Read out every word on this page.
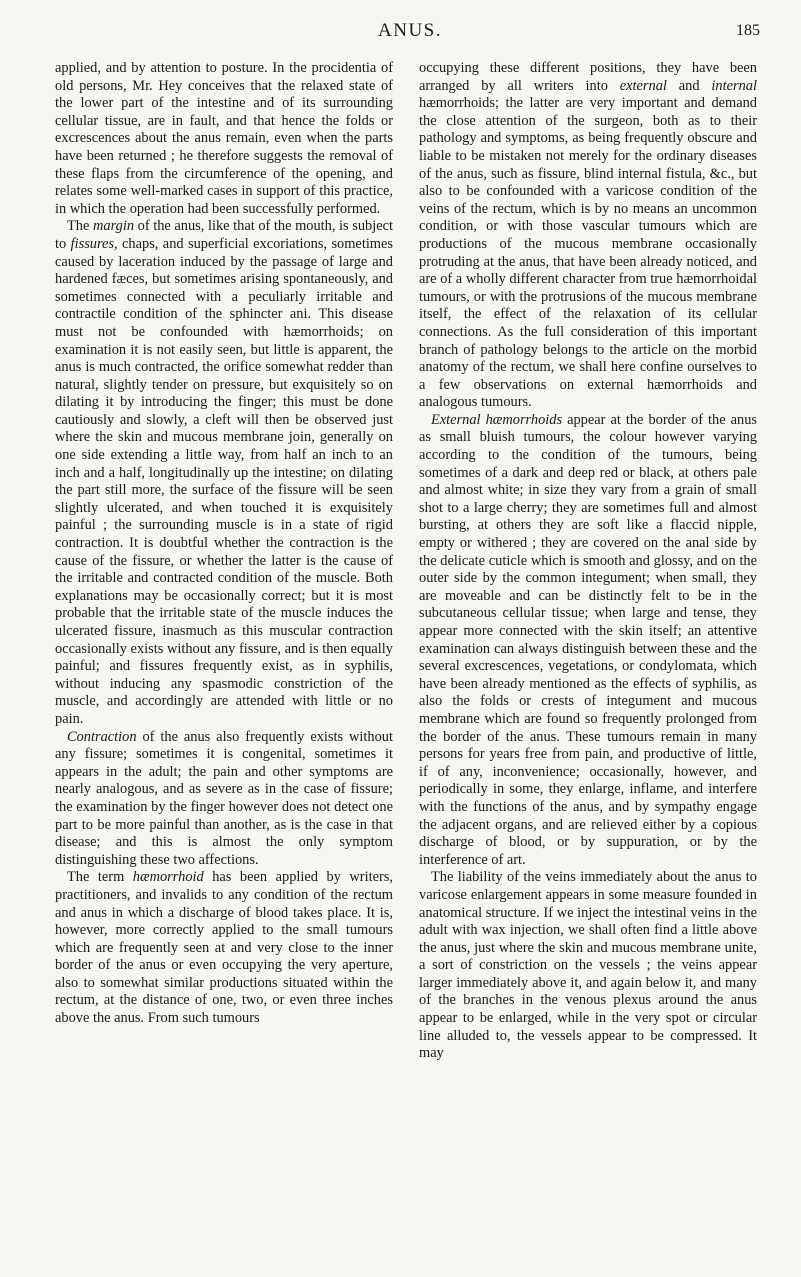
ANUS.	185

applied, and by attention to posture. In the procidentia of old persons, Mr. Hey conceives that the relaxed state of the lower part of the intestine and of its surrounding cellular tissue, are in fault, and that hence the folds or excrescences about the anus remain, even when the parts have been returned ; he therefore suggests the removal of these flaps from the circumference of the opening, and relates some well-marked cases in support of this practice, in which the operation had been successfully performed.

The margin of the anus, like that of the mouth, is subject to fissures, chaps, and superficial excoriations, sometimes caused by laceration induced by the passage of large and hardened fæces, but sometimes arising spontaneously, and sometimes connected with a peculiarly irritable and contractile condition of the sphincter ani. This disease must not be confounded with hæmorrhoids; on examination it is not easily seen, but little is apparent, the anus is much contracted, the orifice somewhat redder than natural, slightly tender on pressure, but exquisitely so on dilating it by introducing the finger; this must be done cautiously and slowly, a cleft will then be observed just where the skin and mucous membrane join, generally on one side extending a little way, from half an inch to an inch and a half, longitudinally up the intestine; on dilating the part still more, the surface of the fissure will be seen slightly ulcerated, and when touched it is exquisitely painful ; the surrounding muscle is in a state of rigid contraction. It is doubtful whether the contraction is the cause of the fissure, or whether the latter is the cause of the irritable and contracted condition of the muscle. Both explanations may be occasionally correct; but it is most probable that the irritable state of the muscle induces the ulcerated fissure, inasmuch as this muscular contraction occasionally exists without any fissure, and is then equally painful; and fissures frequently exist, as in syphilis, without inducing any spasmodic constriction of the muscle, and accordingly are attended with little or no pain.

Contraction of the anus also frequently exists without any fissure; sometimes it is congenital, sometimes it appears in the adult; the pain and other symptoms are nearly analogous, and as severe as in the case of fissure; the examination by the finger however does not detect one part to be more painful than another, as is the case in that disease; and this is almost the only symptom distinguishing these two affections.

The term hæmorrhoid has been applied by writers, practitioners, and invalids to any condition of the rectum and anus in which a discharge of blood takes place. It is, however, more correctly applied to the small tumours which are frequently seen at and very close to the inner border of the anus or even occupying the very aperture, also to somewhat similar productions situated within the rectum, at the distance of one, two, or even three inches above the anus. From such tumours

occupying these different positions, they have been arranged by all writers into external and internal hæmorrhoids; the latter are very important and demand the close attention of the surgeon, both as to their pathology and symptoms, as being frequently obscure and liable to be mistaken not merely for the ordinary diseases of the anus, such as fissure, blind internal fistula, &c., but also to be confounded with a varicose condition of the veins of the rectum, which is by no means an uncommon condition, or with those vascular tumours which are productions of the mucous membrane occasionally protruding at the anus, that have been already noticed, and are of a wholly different character from true hæmorrhoidal tumours, or with the protrusions of the mucous membrane itself, the effect of the relaxation of its cellular connections. As the full consideration of this important branch of pathology belongs to the article on the morbid anatomy of the rectum, we shall here confine ourselves to a few observations on external hæmorrhoids and analogous tumours.

External hæmorrhoids appear at the border of the anus as small bluish tumours, the colour however varying according to the condition of the tumours, being sometimes of a dark and deep red or black, at others pale and almost white; in size they vary from a grain of small shot to a large cherry; they are sometimes full and almost bursting, at others they are soft like a flaccid nipple, empty or withered ; they are covered on the anal side by the delicate cuticle which is smooth and glossy, and on the outer side by the common integument; when small, they are moveable and can be distinctly felt to be in the subcutaneous cellular tissue; when large and tense, they appear more connected with the skin itself; an attentive examination can always distinguish between these and the several excrescences, vegetations, or condylomata, which have been already mentioned as the effects of syphilis, as also the folds or crests of integument and mucous membrane which are found so frequently prolonged from the border of the anus. These tumours remain in many persons for years free from pain, and productive of little, if of any, inconvenience; occasionally, however, and periodically in some, they enlarge, inflame, and interfere with the functions of the anus, and by sympathy engage the adjacent organs, and are relieved either by a copious discharge of blood, or by suppuration, or by the interference of art.

The liability of the veins immediately about the anus to varicose enlargement appears in some measure founded in anatomical structure. If we inject the intestinal veins in the adult with wax injection, we shall often find a little above the anus, just where the skin and mucous membrane unite, a sort of constriction on the vessels ; the veins appear larger immediately above it, and again below it, and many of the branches in the venous plexus around the anus appear to be enlarged, while in the very spot or circular line alluded to, the vessels appear to be compressed. It may
